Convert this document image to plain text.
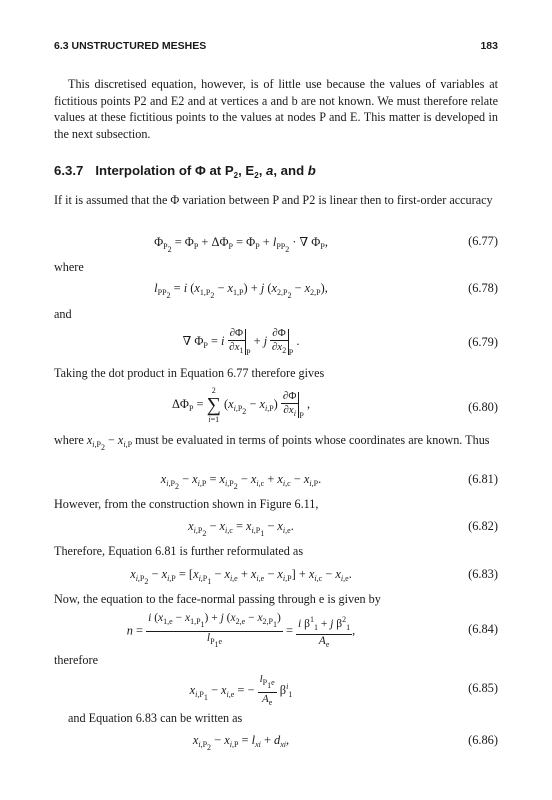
6.3 UNSTRUCTURED MESHES	183
This discretised equation, however, is of little use because the values of variables at fictitious points P2 and E2 and at vertices a and b are not known. We must therefore relate values at these fictitious points to the values at nodes P and E. This matter is developed in the next subsection.
6.3.7 Interpolation of Φ at $P_2$, $E_2$, a, and b
If it is assumed that the Φ variation between P and P2 is linear then to first-order accuracy
$\Phi_{P_2} = \Phi_P + \Delta\Phi_P = \Phi_P + l_{PP_2}$ · ∇ $\Phi_P$,	(6.77)
where
$l_{PP_2} = i$ $(x_{1,P_2} - x_{1,P}) + j$ $(x_{2,P_2} - x_{2,P})$,	(6.78)
and
∇ $\Phi_P = i \frac{\partial\Phi}{\partial x_1} _P + j \frac{\partial\Phi}{\partial x_2} _P$ .	(6.79)
Taking the dot product in Equation 6.77 therefore gives
$\Delta\Phi_P$ =
2
∑
i=1
$(x_{i,P_2} - x_{i,P}) \frac{\partial\Phi}{\partial x_i} _P$ ,	(6.80)
where $x_{i,P_2} - x_{i,P}$ must be evaluated in terms of points whose coordinates are known. Thus
$x_{i,P_2} - x_{i,P} = x_{i,P_2} - x_{i,c} + x_{i,c} - x_{i,P}$.	(6.81)
However, from the construction shown in Figure 6.11,
$x_{i,P_2} - x_{i,c} = x_{i,P_1} - x_{i,e}$.	(6.82)
Therefore, Equation 6.81 is further reformulated as
$x_{i,P_2} - x_{i,P} = [x_{i,P_1} - x_{i,e} + x_{i,e} - x_{i,P}] + x_{i,c} - x_{i,e}$.	(6.83)
Now, the equation to the face-normal passing through e is given by
$n = \frac{i (x_{1,e} - x_{1,P_1}) + j (x_{2,e} - x_{2,P_1})}{l_{P_1e}} = \frac{i \beta^1_1 + j \beta^2_1}{A_e}$ ,	(6.84)
therefore
$x_{i,P_1} - x_{i,e}$ = − $\frac{l_{P_1e}}{A_e} \beta^i_1$	(6.85)
and Equation 6.83 can be written as
$x_{i,P_2} - x_{i,P} = l_{xi} + d_{xi}$,	(6.86)
